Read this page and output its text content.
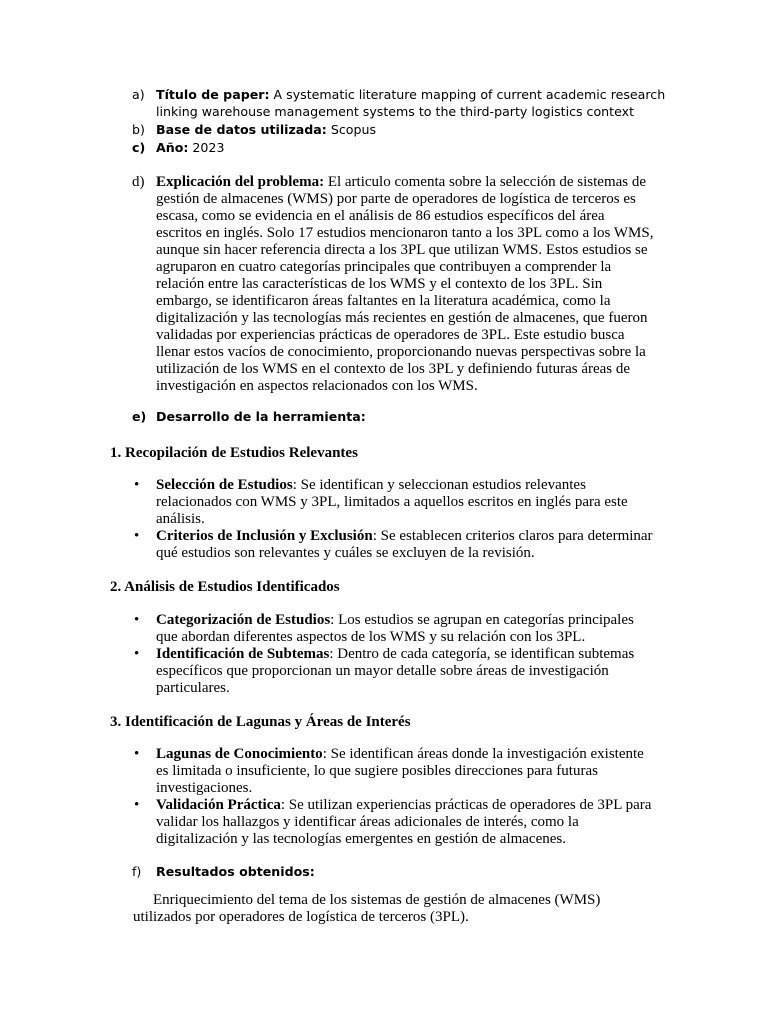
a) Título de paper: A systematic literature mapping of current academic research linking warehouse management systems to the third-party logistics context
b) Base de datos utilizada: Scopus
c) Año: 2023
d) Explicación del problema: El articulo comenta sobre la selección de sistemas de gestión de almacenes (WMS) por parte de operadores de logística de terceros es escasa, como se evidencia en el análisis de 86 estudios específicos del área escritos en inglés. Solo 17 estudios mencionaron tanto a los 3PL como a los WMS, aunque sin hacer referencia directa a los 3PL que utilizan WMS. Estos estudios se agruparon en cuatro categorías principales que contribuyen a comprender la relación entre las características de los WMS y el contexto de los 3PL. Sin embargo, se identificaron áreas faltantes en la literatura académica, como la digitalización y las tecnologías más recientes en gestión de almacenes, que fueron validadas por experiencias prácticas de operadores de 3PL. Este estudio busca llenar estos vacíos de conocimiento, proporcionando nuevas perspectivas sobre la utilización de los WMS en el contexto de los 3PL y definiendo futuras áreas de investigación en aspectos relacionados con los WMS.
e) Desarrollo de la herramienta:
1. Recopilación de Estudios Relevantes
• Selección de Estudios: Se identifican y seleccionan estudios relevantes relacionados con WMS y 3PL, limitados a aquellos escritos en inglés para este análisis.
• Criterios de Inclusión y Exclusión: Se establecen criterios claros para determinar qué estudios son relevantes y cuáles se excluyen de la revisión.
2. Análisis de Estudios Identificados
• Categorización de Estudios: Los estudios se agrupan en categorías principales que abordan diferentes aspectos de los WMS y su relación con los 3PL.
• Identificación de Subtemas: Dentro de cada categoría, se identifican subtemas específicos que proporcionan un mayor detalle sobre áreas de investigación particulares.
3. Identificación de Lagunas y Áreas de Interés
• Lagunas de Conocimiento: Se identifican áreas donde la investigación existente es limitada o insuficiente, lo que sugiere posibles direcciones para futuras investigaciones.
• Validación Práctica: Se utilizan experiencias prácticas de operadores de 3PL para validar los hallazgos y identificar áreas adicionales de interés, como la digitalización y las tecnologías emergentes en gestión de almacenes.
f) Resultados obtenidos:
Enriquecimiento del tema de los sistemas de gestión de almacenes (WMS) utilizados por operadores de logística de terceros (3PL).
